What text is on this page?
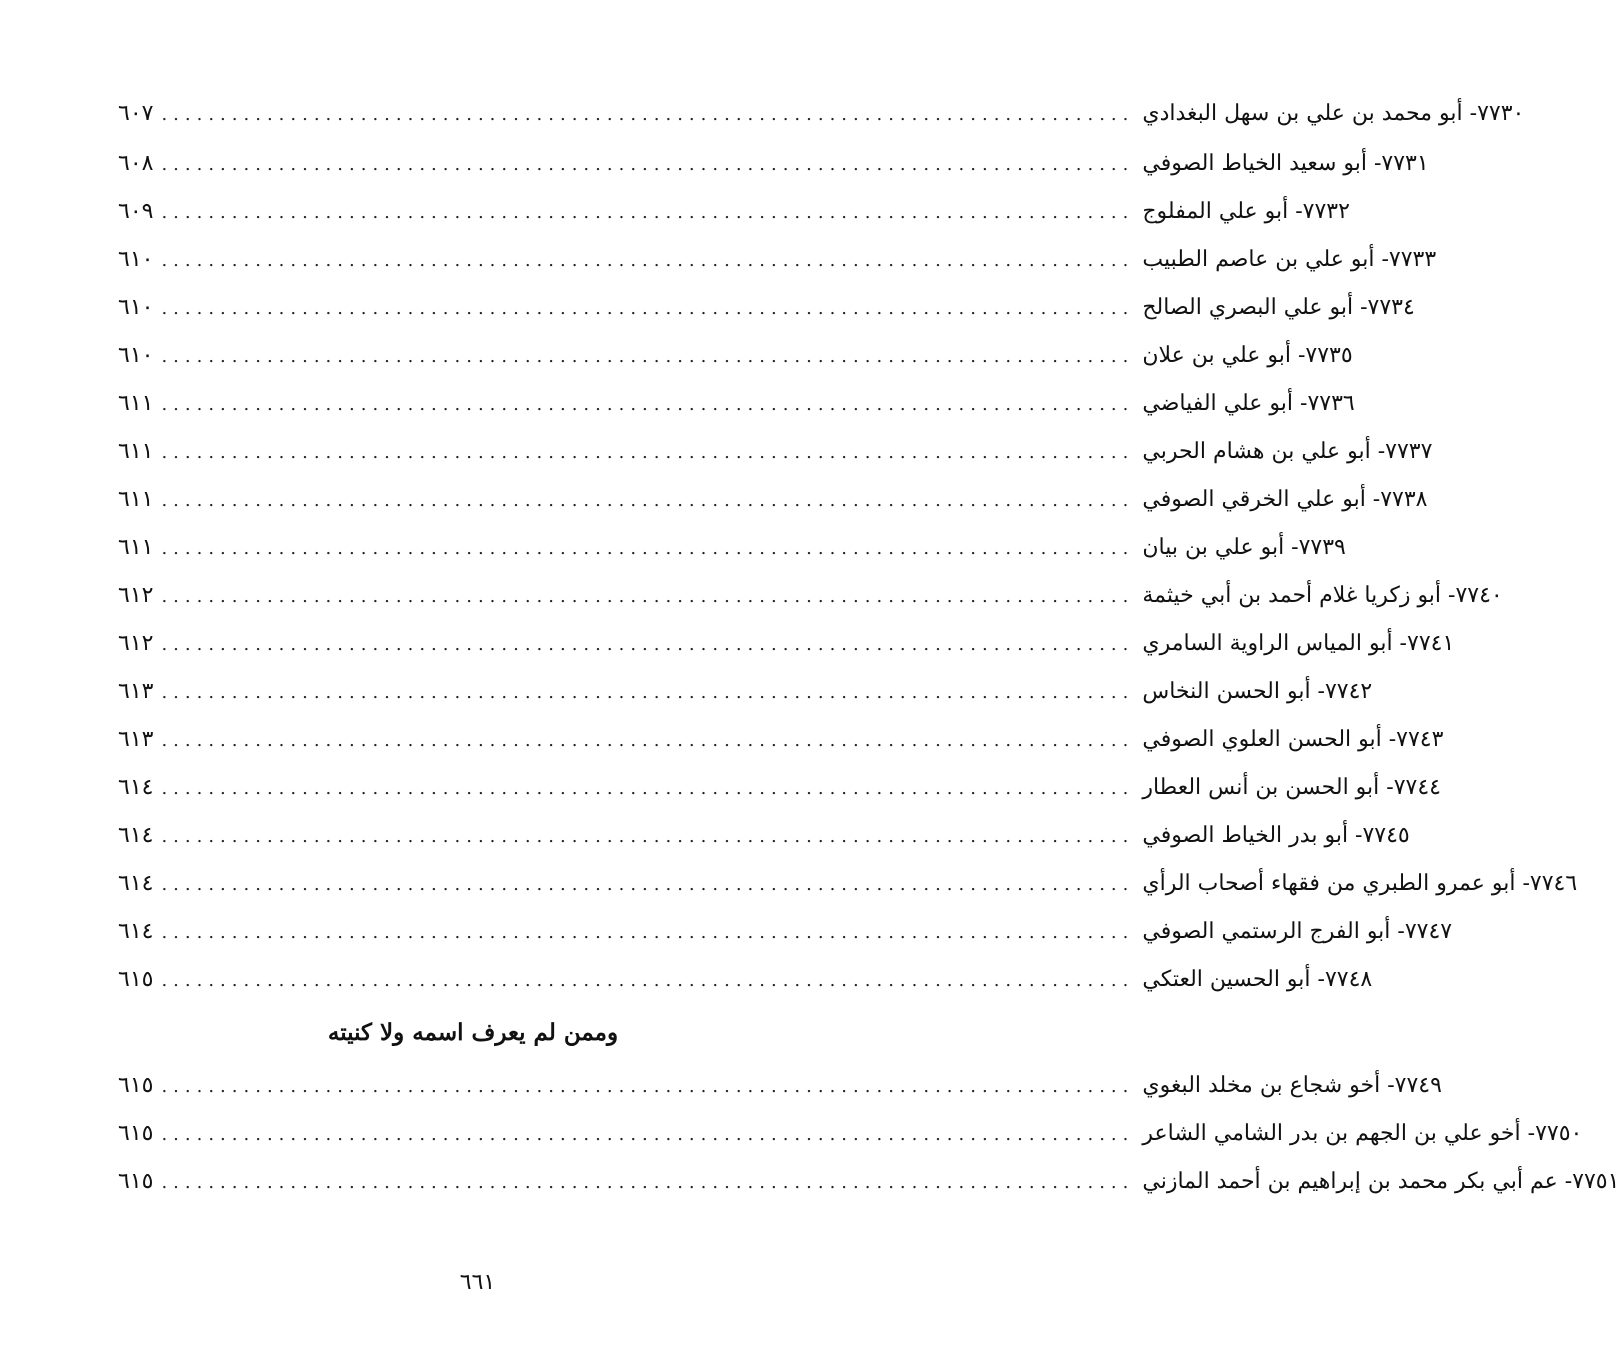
٦٠٧ ................................................................................... ٧٧٣٠- أبو محمد بن علي بن سهل البغدادي
٦٠٨ ................................................................................... ٧٧٣١- أبو سعيد الخياط الصوفي
٦٠٩ ................................................................................... ٧٧٣٢- أبو علي المفلوج
٦١٠ ................................................................................... ٧٧٣٣- أبو علي بن عاصم الطبيب
٦١٠ ................................................................................... ٧٧٣٤- أبو علي البصري الصالح
٦١٠ ................................................................................... ٧٧٣٥- أبو علي بن علان
٦١١ ................................................................................... ٧٧٣٦- أبو علي الفياضي
٦١١ ................................................................................... ٧٧٣٧- أبو علي بن هشام الحربي
٦١١ ................................................................................... ٧٧٣٨- أبو علي الخرقي الصوفي
٦١١ ................................................................................... ٧٧٣٩- أبو علي بن بيان
٦١٢ ................................................................................... ٧٧٤٠- أبو زكريا غلام أحمد بن أبي خيثمة
٦١٢ ................................................................................... ٧٧٤١- أبو المياس الراوية السامري
٦١٣ ................................................................................... ٧٧٤٢- أبو الحسن النخاس
٦١٣ ................................................................................... ٧٧٤٣- أبو الحسن العلوي الصوفي
٦١٤ ................................................................................... ٧٧٤٤- أبو الحسن بن أنس العطار
٦١٤ ................................................................................... ٧٧٤٥- أبو بدر الخياط الصوفي
٦١٤ ................................................................................... ٧٧٤٦- أبو عمرو الطبري من فقهاء أصحاب الرأي
٦١٤ ................................................................................... ٧٧٤٧- أبو الفرج الرستمي الصوفي
٦١٥ ................................................................................... ٧٧٤٨- أبو الحسين العتكي
وممن لم يعرف اسمه ولا كنيته
٦١٥ ................................................................................... ٧٧٤٩- أخو شجاع بن مخلد البغوي
٦١٥ ................................................................................... ٧٧٥٠- أخو علي بن الجهم بن بدر الشامي الشاعر
٦١٥ ................................................................................... ٧٧٥١- عم أبي بكر محمد بن إبراهيم بن أحمد المازني
٦٦١
